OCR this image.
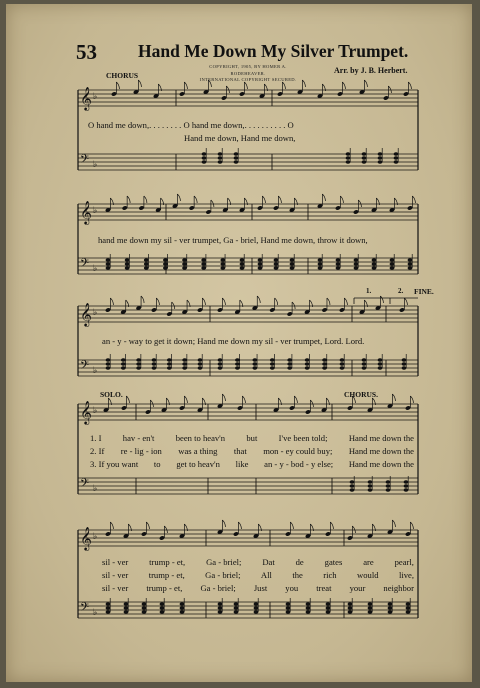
𝄞 ♭
𝄢 ♭
𝄞 ♭
𝄢 ♭
𝄞 ♭
𝄢 ♭
𝄞 ♭
𝄢 ♭
𝄞 ♭
𝄢 ♭
53 Hand Me Down My Silver Trumpet.
COPYRIGHT, 1905, BY HOMER A. RODEHEAVER.
INTERNATIONAL COPYRIGHT SECURED.
Arr. by J. B. Herbert.
CHORUS
SOLO.	CHORUS.
FINE.
1.	2.
O hand me down,. . . . . . . . O hand me down,. . . . . . . . . . O
Hand me down, Hand me down,
hand me down my sil - ver trumpet, Ga - briel, Hand me down, throw it down,
an - y - way to get it down; Hand me down my sil - ver trumpet, Lord. Lord.
1. I hav - en't been to heav'n but I've been told; Hand me down the
2. If re - lig - ion was a thing that mon - ey could buy; Hand me down the
3. If you want to get to heav'n like an - y - bod - y else; Hand me down the
sil - ver trump - et, Ga - briel; Dat de gates are pearl,
sil - ver trump - et, Ga - briel; All the rich would live,
sil - ver trump - et, Ga - briel; Just you treat your neighbor
